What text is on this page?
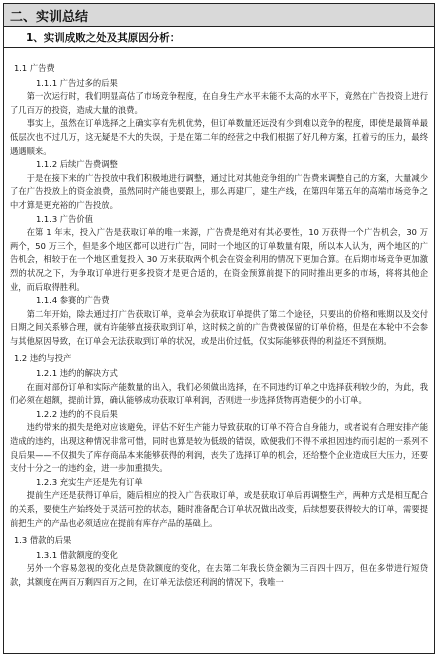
二、实训总结
1、实训成败之处及其原因分析：
1.1 广告费
1.1.1 广告过多的后果

第一次运行时，我们明显高估了市场竞争程度，在自身生产水平未能不太高的水平下，竟然在广告投资上进行了几百万的投资，造成大量的浪费。

事实上，虽然在订单选择之上确实享有先机优势，但订单数量还远没有少到难以竞争的程度，即使是最简单最低层次也不过几万，这无疑是不大的失误，于是在第二年的经营之中我们根据了好几种方案，扛着亏的压力，最终遇遇顺来。

1.1.2 后续广告费调整

于是在接下来的广告投放中我们积极地进行调整，通过比对其他竞争组的广告费来调整自己的方案，大量减少了在广告投放上的资金浪费，虽然同时产能也要跟上，那么再建厂，建生产线，在第四年第五年的高端市场竞争之中才算是更充裕的广告投放。

1.1.3 广告价值

在第 1 年末，投入广告是获取订单的唯一来源，广告费是绝对有其必要性，10 万获得一个广告机会，30 万两个，50 万三个，但是多个地区都可以进行广告，同时一个地区的订单数量有限，所以本人认为，两个地区的广告机会，相较于在一个地区重复投入 30 万来获取两个机会在资金利用的情况下更加合算。在后期市场竞争更加激烈的状况之下，为争取订单进行更多投资才是更合适的，在资金预算前提下的同时推出更多的市场，将将其他企业，而后取得胜利。

1.1.4 参赛的广告费

第二年开始，除去通过打广告获取订单，竞单会为获取订单提供了第二个途径，只要出的价格和账期以及交付日期之间关系够合理，就有许能够直接获取到订单，这时候之前的广告费被保留的订单价格，但是在本轮中不会参与其他原因导致，在订单会无法获取到订单的状况，或是出价过低，仅实际能够获得的利益还不到预期。

1.2 违约与投产
1.2.1 违约的解决方式

在面对部份订单和实际产能数量的出入，我们必须做出选择，在不同违约订单之中选择获利较少的，为此，我们必须在超额，提前计算，确认能够成功获取订单利润，否则进一步选择货物再造便少的小订单。

1.2.2 违约的不良后果

违约带来的损失是绝对应该避免，评估不好生产能力导致获取的订单不符合自身能力，或者说有合理安排产能造成的违约，出现这种情况非常可惜，同时也算是较为低级的错误，欧便我们不得不承担因违约而引起的一系列不良后果——不仅损失了库存商品本来能够获得的利润，丧失了选择订单的机会，还给整个企业造成巨大压力，还要支付十分之一的违约金，进一步加重损失。

1.2.3 充实生产还是先有订单

提前生产还是获得订单后，随后相应的投入广告获取订单，或是获取订单后再调整生产，两种方式是相互配合的关系，要使生产始终处于灵活可控的状态，随时准备配合订单状况做出改变，后续想要获得较大的订单，需要提前把生产的产品也必须适应在提前有库存产品的基础上。

1.3 借款的后果
1.3.1 借款额度的变化

另外一个容易忽视的变化点是贷款额度的变化，在去第二年我长贷金额为三百四十四万，但在多带进行短贷款，其额度在两百万剩四百万之间，在订单无法偿还利润的情况下，我唯一
